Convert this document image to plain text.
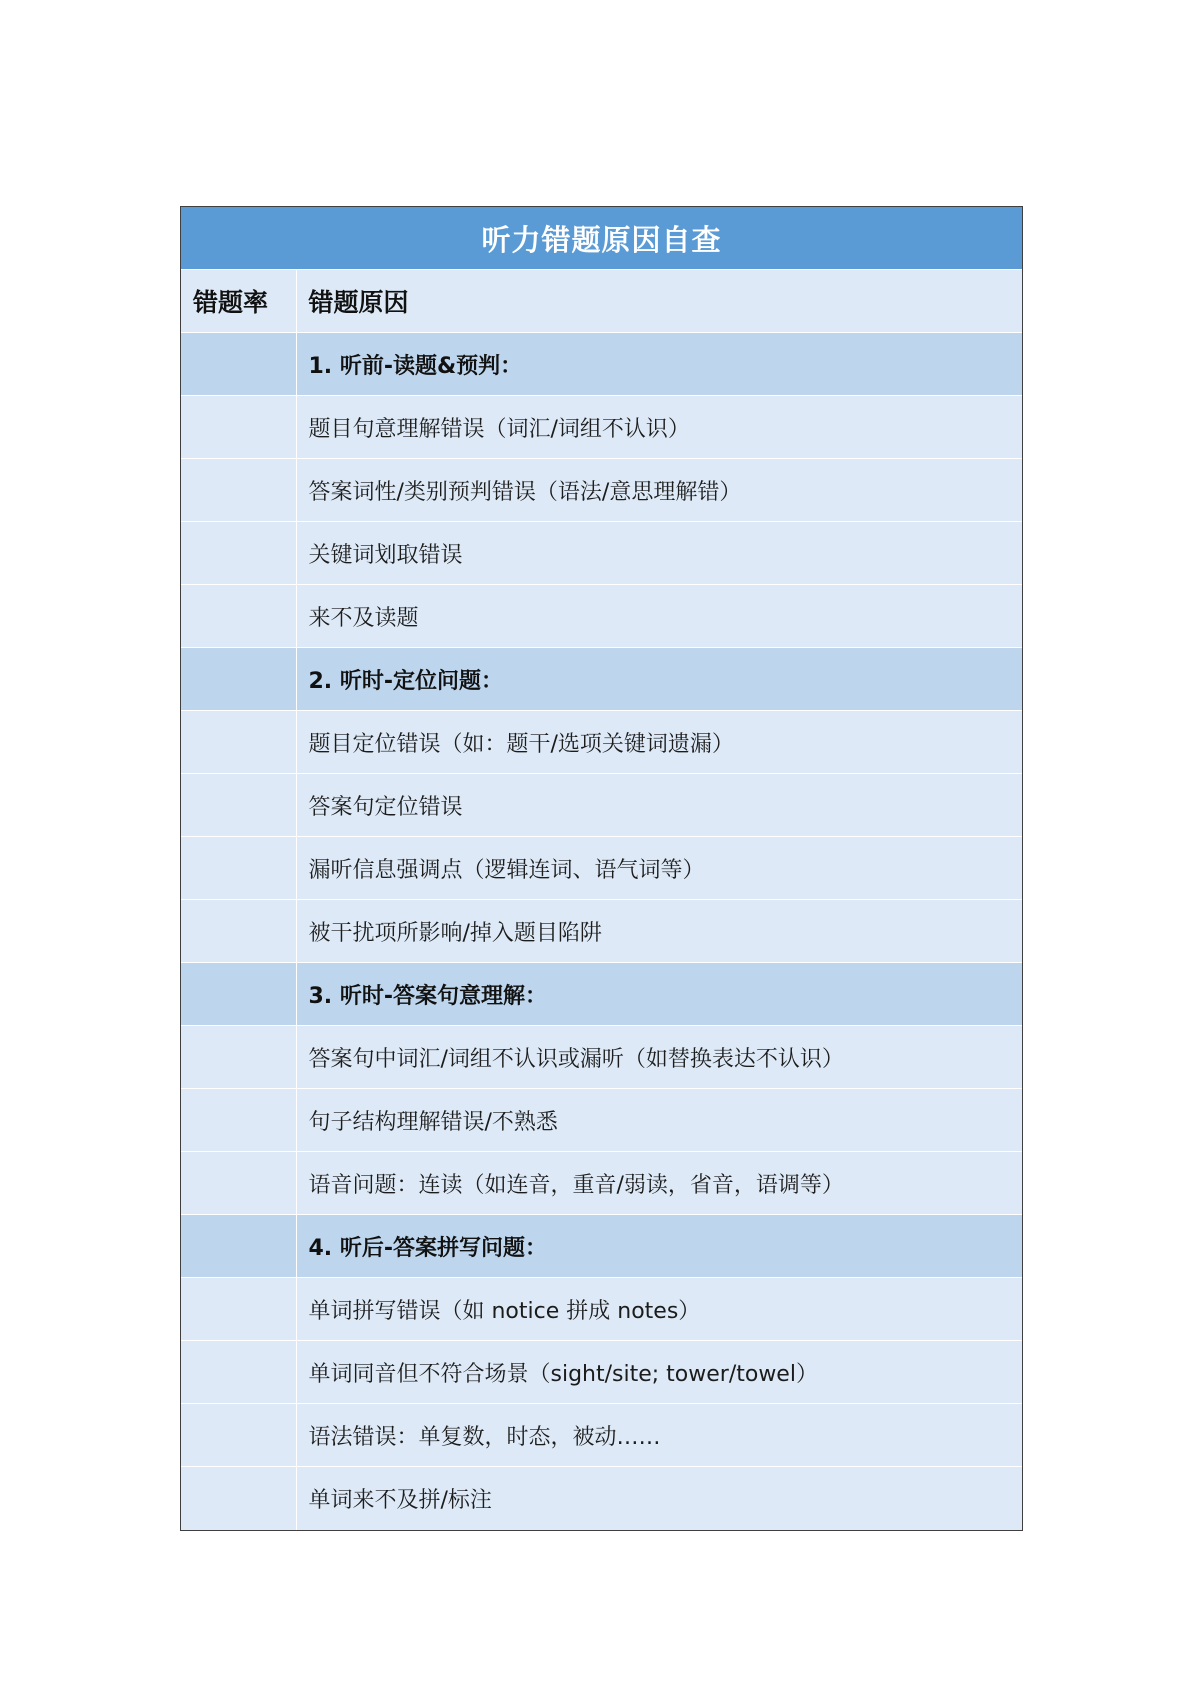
听力错题原因自查	
错题率	错题原因
	1. 听前-读题&预判：
	题目句意理解错误（词汇/词组不认识）
	答案词性/类别预判错误（语法/意思理解错）
	关键词划取错误
	来不及读题
	2. 听时-定位问题：
	题目定位错误（如：题干/选项关键词遗漏）
	答案句定位错误
	漏听信息强调点（逻辑连词、语气词等）
	被干扰项所影响/掉入题目陷阱
	3. 听时-答案句意理解：
	答案句中词汇/词组不认识或漏听（如替换表达不认识）
	句子结构理解错误/不熟悉
	语音问题：连读（如连音，重音/弱读，省音，语调等）
	4. 听后-答案拼写问题：
	单词拼写错误（如 notice 拼成 notes）
	单词同音但不符合场景（sight/site; tower/towel）
	语法错误：单复数，时态，被动……
	单词来不及拼/标注
